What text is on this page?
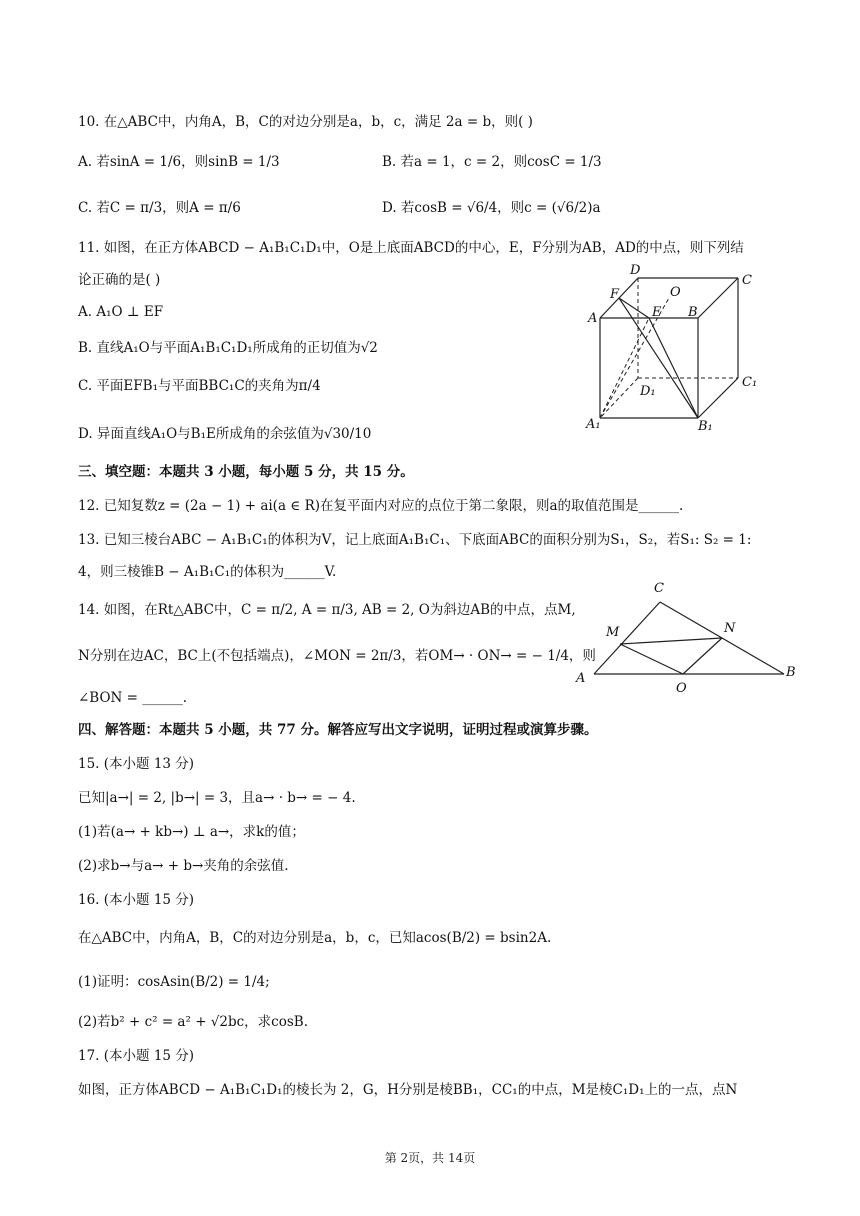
10. 在△ABC中，内角A，B，C的对边分别是a，b，c，满足 2a = b，则( )
A. 若sinA = 1/6，则sinB = 1/3	B. 若a = 1，c = 2，则cosC = 1/3
C. 若C = π/3，则A = π/6	D. 若cosB = √6/4，则c = (√6/2)a
11. 如图，在正方体ABCD − A₁B₁C₁D₁中，O是上底面ABCD的中心，E，F分别为AB，AD的中点，则下列结
论正确的是( )
A. A₁O ⊥ EF
B. 直线A₁O与平面A₁B₁C₁D₁所成角的正切值为√2
C. 平面EFB₁与平面BBC₁C的夹角为π/4
D. 异面直线A₁O与B₁E所成角的余弦值为√30/10
D
C
F
E
O
A	B
D₁
C₁
A₁	B₁
三、填空题：本题共 3 小题，每小题 5 分，共 15 分。
12. 已知复数z = (2a − 1) + ai(a ∈ R)在复平面内对应的点位于第二象限，则a的取值范围是______.
13. 已知三棱台ABC − A₁B₁C₁的体积为V，记上底面A₁B₁C₁、下底面ABC的面积分别为S₁，S₂，若S₁: S₂ = 1:
4，则三棱锥B − A₁B₁C₁的体积为______V.
14. 如图，在Rt△ABC中，C = π/2, A = π/3, AB = 2, O为斜边AB的中点，点M,
N分别在边AC，BC上(不包括端点)，∠MON = 2π/3，若OM→ · ON→ = − 1/4，则
∠BON = ______.
C
M	N
A
O
B
四、解答题：本题共 5 小题，共 77 分。解答应写出文字说明，证明过程或演算步骤。
15. (本小题 13 分)
已知|a→| = 2, |b→| = 3，且a→ · b→ = − 4.
(1)若(a→ + kb→) ⊥ a→，求k的值；
(2)求b→与a→ + b→夹角的余弦值.
16. (本小题 15 分)
在△ABC中，内角A，B，C的对边分别是a，b，c，已知acos(B/2) = bsin2A.
(1)证明：cosAsin(B/2) = 1/4;
(2)若b² + c² = a² + √2bc，求cosB.
17. (本小题 15 分)
如图，正方体ABCD − A₁B₁C₁D₁的棱长为 2，G，H分别是棱BB₁，CC₁的中点，M是棱C₁D₁上的一点，点N
第 2页，共 14页
